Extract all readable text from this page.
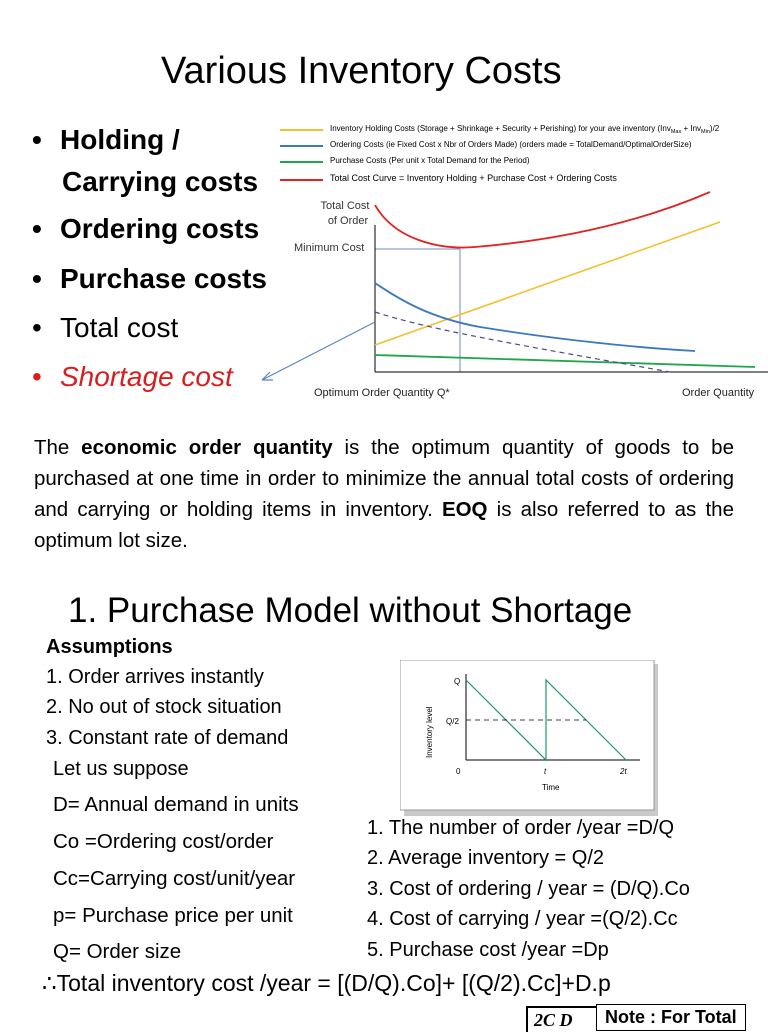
Various Inventory Costs
• Holding /
Carrying costs
• Ordering costs
• Purchase costs
• Total cost
• Shortage cost
Inventory Holding Costs (Storage + Shrinkage + Security + Perishing) for your ave inventory (Inv$_{Max}$ + Inv$_{Min}$)/2
Ordering Costs (ie Fixed Cost x Nbr of Orders Made) (orders made = TotalDemand/OptimalOrderSize)
Purchase Costs (Per unit x Total Demand for the Period)
Total Cost Curve = Inventory Holding + Purchase Cost + Ordering Costs
Total Cost
of Order
Minimum Cost
Optimum Order Quantity Q*	Order Quantity
The economic order quantity is the optimum quantity of goods to be purchased at one time in order to minimize the annual total costs of ordering and carrying or holding items in inventory. EOQ is also referred to as the optimum lot size.
1. Purchase Model without Shortage
Assumptions
1. Order arrives instantly
2. No out of stock situation
3. Constant rate of demand
Let us suppose
D= Annual demand in units
Co =Ordering cost/order
Cc=Carrying cost/unit/year
p= Purchase price per unit
Q= Order size
Inventory level
Q
Q/2
0	t	2t
Time
1. The number of order /year =D/Q
2. Average inventory = Q/2
3. Cost of ordering / year = (D/Q).Co
4. Cost of carrying / year =(Q/2).Cc
5. Purchase cost /year =Dp
∴Total inventory cost /year = [(D/Q).Co]+ [(Q/2).Cc]+D.p
2C D	Note : For Total
